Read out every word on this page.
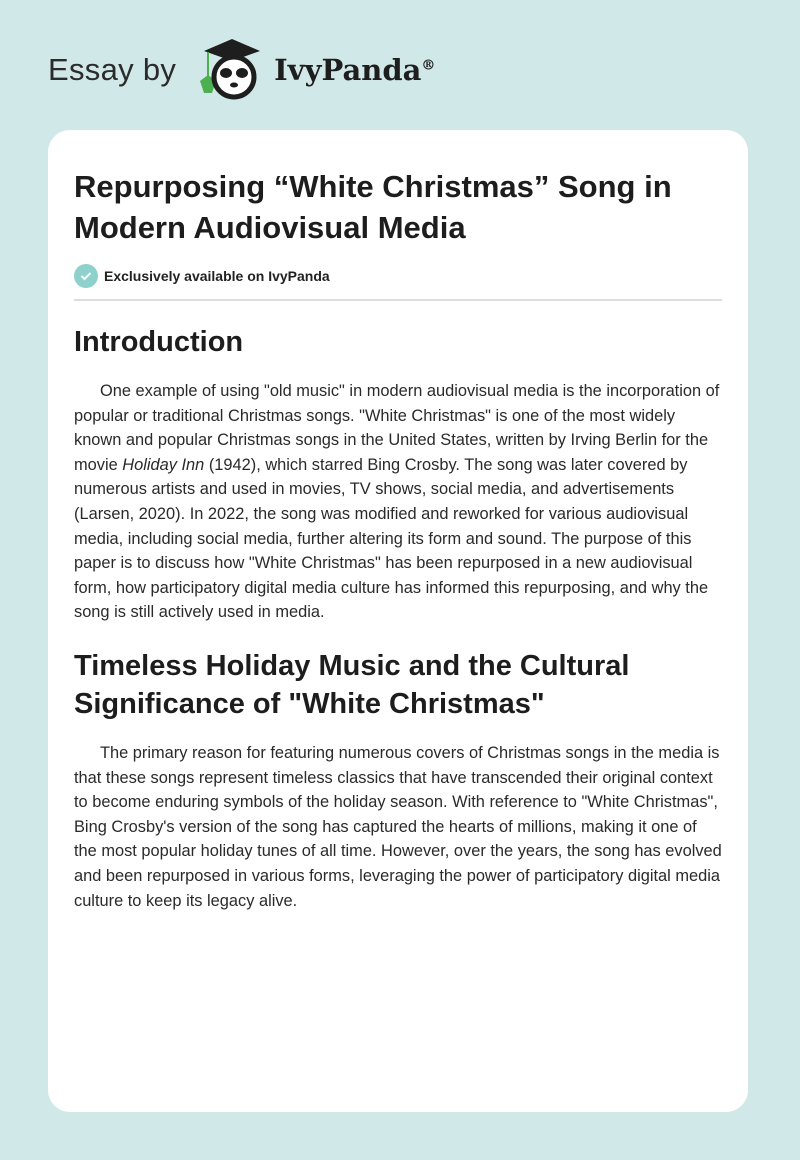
Essay by	IvyPanda®
Repurposing “White Christmas” Song in Modern Audiovisual Media
Exclusively available on IvyPanda
Introduction

One example of using "old music" in modern audiovisual media is the incorporation of popular or traditional Christmas songs. "White Christmas" is one of the most widely known and popular Christmas songs in the United States, written by Irving Berlin for the movie Holiday Inn (1942), which starred Bing Crosby. The song was later covered by numerous artists and used in movies, TV shows, social media, and advertisements (Larsen, 2020). In 2022, the song was modified and reworked for various audiovisual media, including social media, further altering its form and sound. The purpose of this paper is to discuss how "White Christmas" has been repurposed in a new audiovisual form, how participatory digital media culture has informed this repurposing, and why the song is still actively used in media.

Timeless Holiday Music and the Cultural Significance of "White Christmas"

The primary reason for featuring numerous covers of Christmas songs in the media is that these songs represent timeless classics that have transcended their original context to become enduring symbols of the holiday season. With reference to "White Christmas", Bing Crosby's version of the song has captured the hearts of millions, making it one of the most popular holiday tunes of all time. However, over the years, the song has evolved and been repurposed in various forms, leveraging the power of participatory digital media culture to keep its legacy alive.
